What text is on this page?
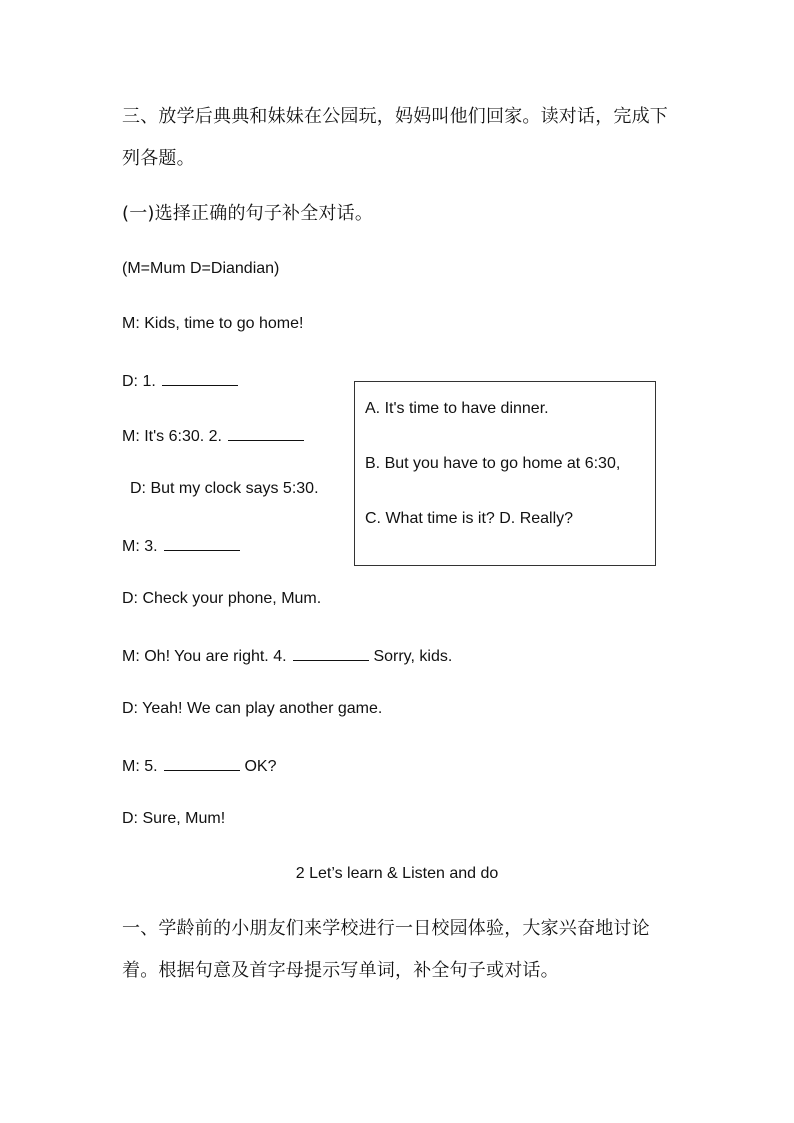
三、放学后典典和妹妹在公园玩，妈妈叫他们回家。读对话，完成下
列各题。
(一)选择正确的句子补全对话。
(M=Mum D=Diandian)
M: Kids, time to go home!
D: 1.
M: It's 6:30. 2.
D: But my clock says 5:30.
M: 3.
D: Check your phone, Mum.
M: Oh! You are right. 4.	Sorry, kids.
D: Yeah! We can play another game.
M: 5.	OK?
D: Sure, Mum!
A. It's time to have dinner.
B. But you have to go home at 6:30,
C. What time is it? D. Really?
2 Let’s learn & Listen and do
一、学龄前的小朋友们来学校进行一日校园体验，大家兴奋地讨论
着。根据句意及首字母提示写单词，补全句子或对话。
